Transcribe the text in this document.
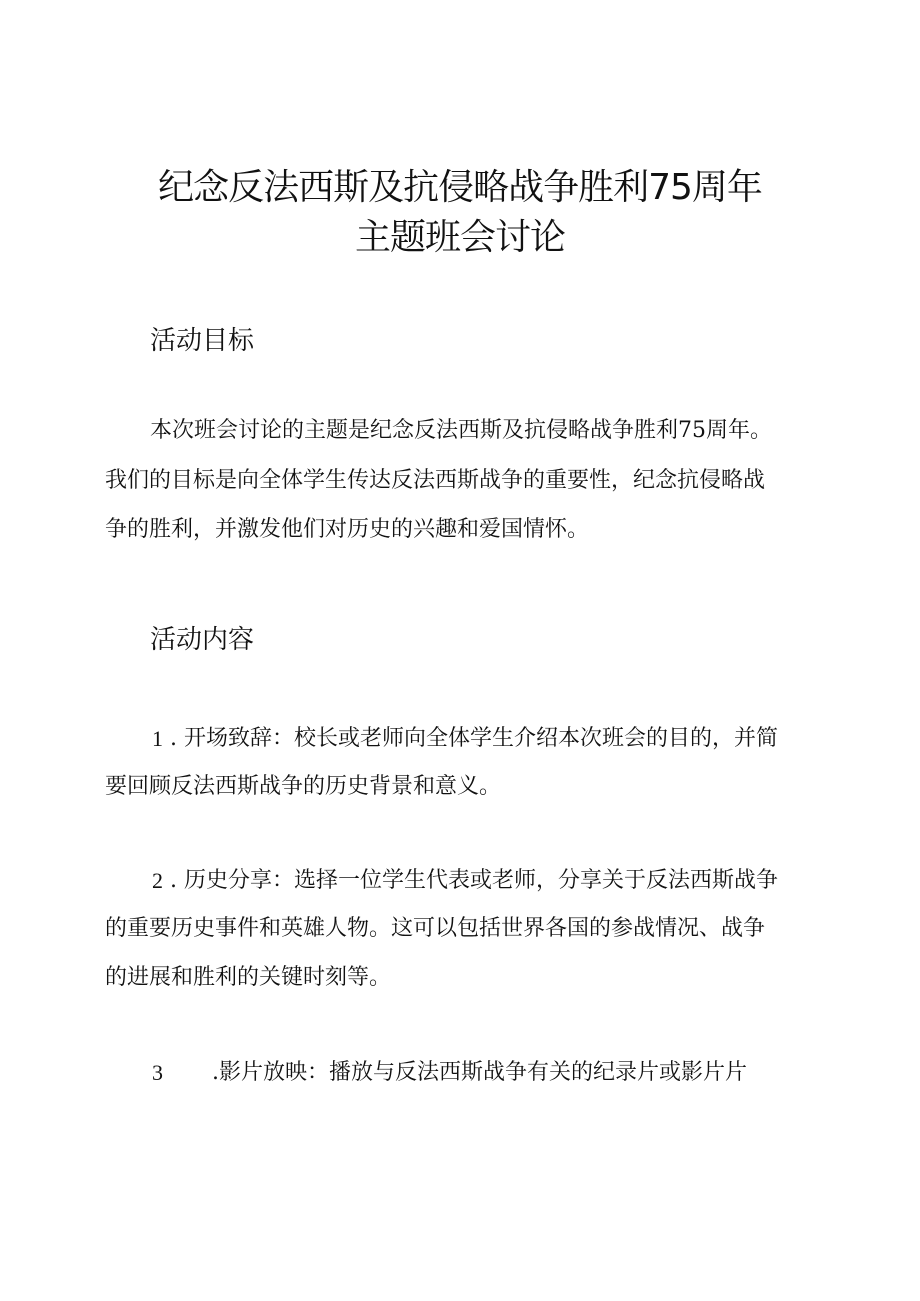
纪念反法西斯及抗侵略战争胜利75周年
主题班会讨论
活动目标
本次班会讨论的主题是纪念反法西斯及抗侵略战争胜利75周年。
我们的目标是向全体学生传达反法西斯战争的重要性，纪念抗侵略战
争的胜利，并激发他们对历史的兴趣和爱国情怀。
活动内容
1 . 开场致辞：校长或老师向全体学生介绍本次班会的目的，并简
要回顾反法西斯战争的历史背景和意义。
2 . 历史分享：选择一位学生代表或老师，分享关于反法西斯战争
的重要历史事件和英雄人物。这可以包括世界各国的参战情况、战争
的进展和胜利的关键时刻等。
3 .影片放映：播放与反法西斯战争有关的纪录片或影片片
